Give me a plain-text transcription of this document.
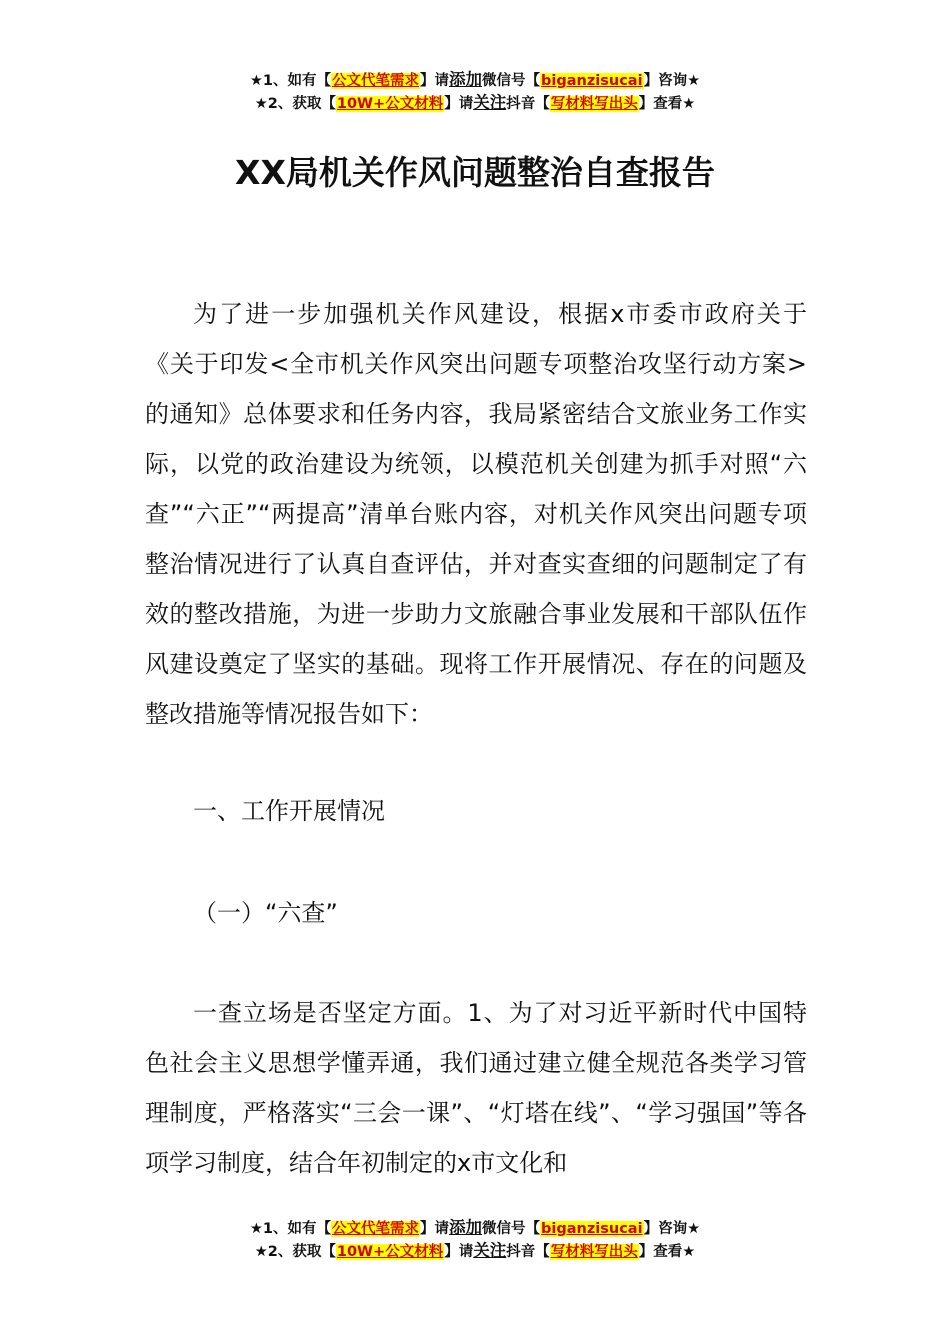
★1、如有【公文代笔需求】请添加微信号【biganzisucai】咨询★
★2、获取【10W+公文材料】请关注抖音【写材料写出头】查看★
XX局机关作风问题整治自查报告
为了进一步加强机关作风建设，根据x市委市政府关于《关于印发<全市机关作风突出问题专项整治攻坚行动方案>的通知》总体要求和任务内容，我局紧密结合文旅业务工作实际，以党的政治建设为统领，以模范机关创建为抓手对照“六查”“六正”“两提高”清单台账内容，对机关作风突出问题专项整治情况进行了认真自查评估，并对查实查细的问题制定了有效的整改措施，为进一步助力文旅融合事业发展和干部队伍作风建设奠定了坚实的基础。现将工作开展情况、存在的问题及整改措施等情况报告如下：
一、工作开展情况
（一）“六查”
一查立场是否坚定方面。1、为了对习近平新时代中国特色社会主义思想学懂弄通，我们通过建立健全规范各类学习管理制度，严格落实“三会一课”、“灯塔在线”、“学习强国”等各项学习制度，结合年初制定的x市文化和
★1、如有【公文代笔需求】请添加微信号【biganzisucai】咨询★
★2、获取【10W+公文材料】请关注抖音【写材料写出头】查看★
